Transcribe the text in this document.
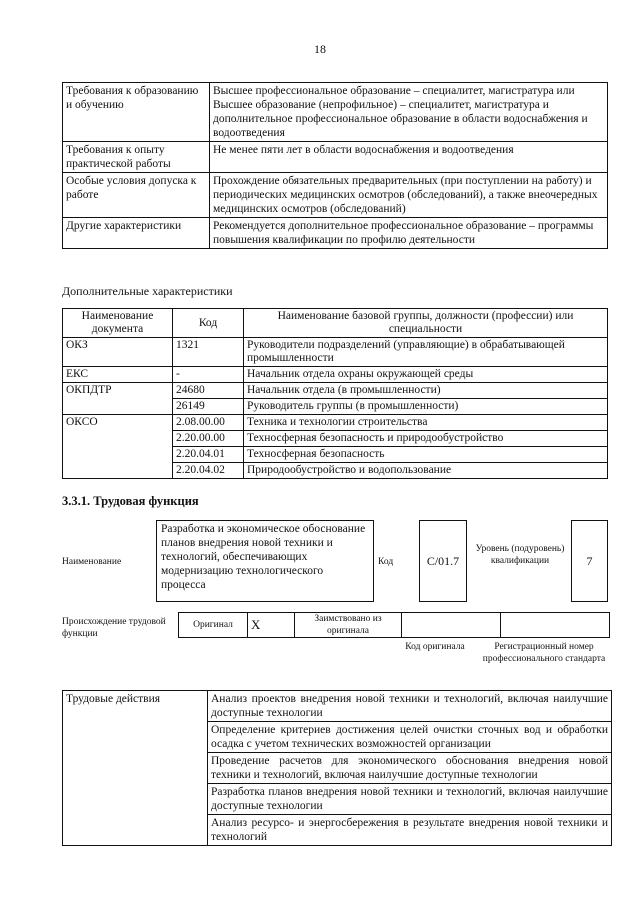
18
Требования к образованию и обучению	Высшее профессиональное образование – специалитет, магистратура или
Высшее образование (непрофильное) – специалитет, магистратура и дополнительное профессиональное образование в области водоснабжения и водоотведения
Требования к опыту практической работы	Не менее пяти лет в области водоснабжения и водоотведения
Особые условия допуска к работе	Прохождение обязательных предварительных (при поступлении на работу) и периодических медицинских осмотров (обследований), а также внеочередных медицинских осмотров (обследований)
Другие характеристики	Рекомендуется дополнительное профессиональное образование – программы повышения квалификации по профилю деятельности
Дополнительные характеристики
Наименование документа	Код	Наименование базовой группы, должности (профессии) или специальности
ОКЗ	1321	Руководители подразделений (управляющие) в обрабатывающей промышленности
ЕКС	-	Начальник отдела охраны окружающей среды
ОКПДТР	24680	Начальник отдела (в промышленности)
	26149	Руководитель группы (в промышленности)
ОКСО	2.08.00.00	Техника и технологии строительства
	2.20.00.00	Техносферная безопасность и природообустройство
	2.20.04.01	Техносферная безопасность
	2.20.04.02	Природообустройство и водопользование
3.3.1. Трудовая функция
Наименование
Разработка и экономическое обоснование планов внедрения новой техники и технологий, обеспечивающих модернизацию технологического процесса
Код	С/01.7
Уровень (подуровень) квалификации	7
Происхождение трудовой функции
Оригинал	X	Заимствовано из оригинала		
Код оригинала	Регистрационный номер профессионального стандарта
Трудовые действия	Анализ проектов внедрения новой техники и технологий, включая наилучшие доступные технологии
Определение критериев достижения целей очистки сточных вод и обработки осадка с учетом технических возможностей организации
Проведение расчетов для экономического обоснования внедрения новой техники и технологий, включая наилучшие доступные технологии
Разработка планов внедрения новой техники и технологий, включая наилучшие доступные технологии
Анализ ресурсо- и энергосбережения в результате внедрения новой техники и технологий
